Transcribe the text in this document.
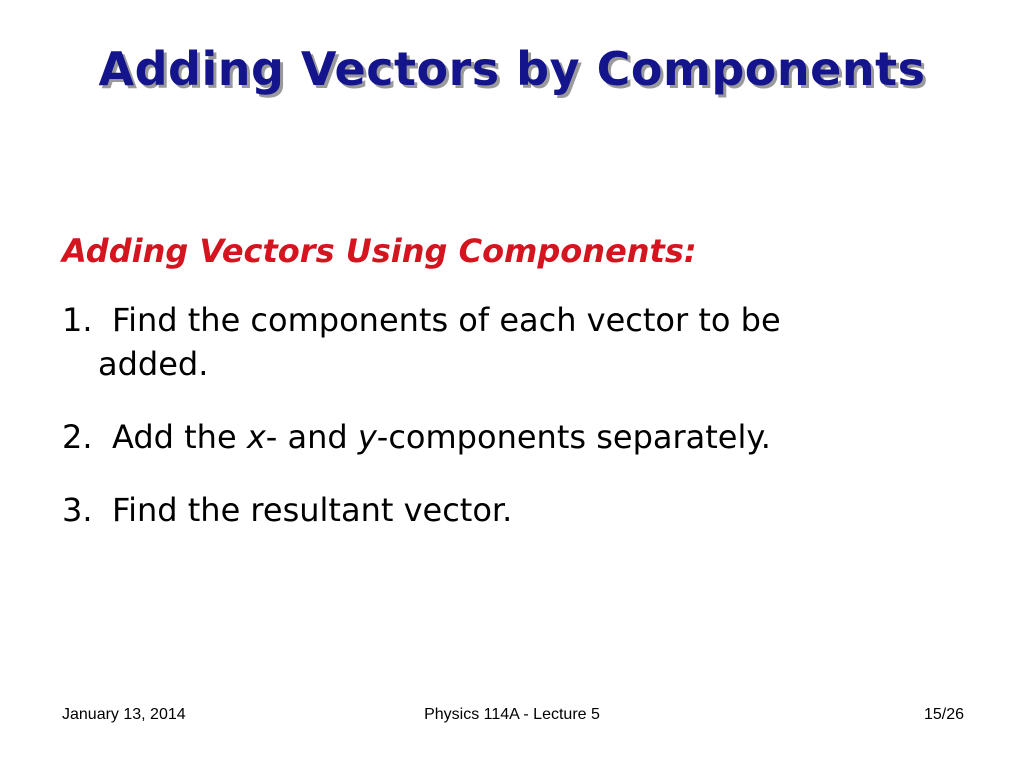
Adding Vectors by Components
Adding Vectors Using Components:
1. Find the components of each vector to be
added.
2. Add the x- and y-components separately.
3. Find the resultant vector.
January 13, 2014	Physics 114A - Lecture 5	15/26
